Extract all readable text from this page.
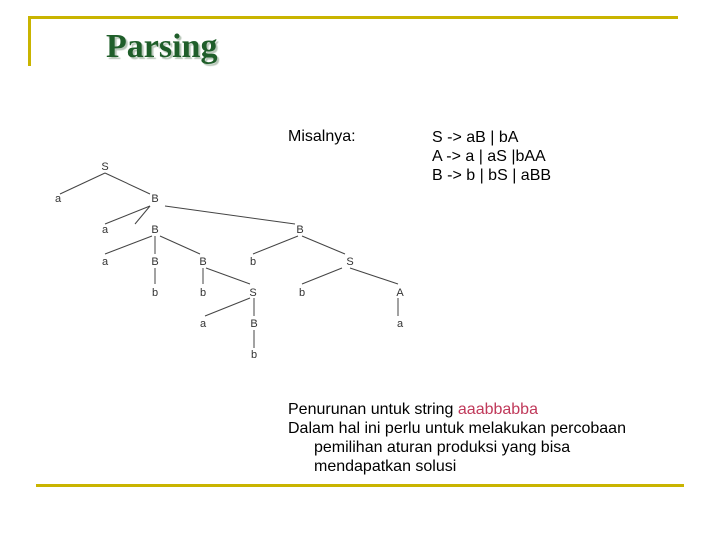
Parsing
Misalnya:	S -> aB | bA
A -> a | aS |bAA
B -> b | bS | aBB
S
a	B
a	B	B
a	B	B	b	S
b	b	S	b	A
a	B	a
b
Penurunan untuk string aaabbabba
Dalam hal ini perlu untuk melakukan percobaan
pemilihan aturan produksi yang bisa
mendapatkan solusi
